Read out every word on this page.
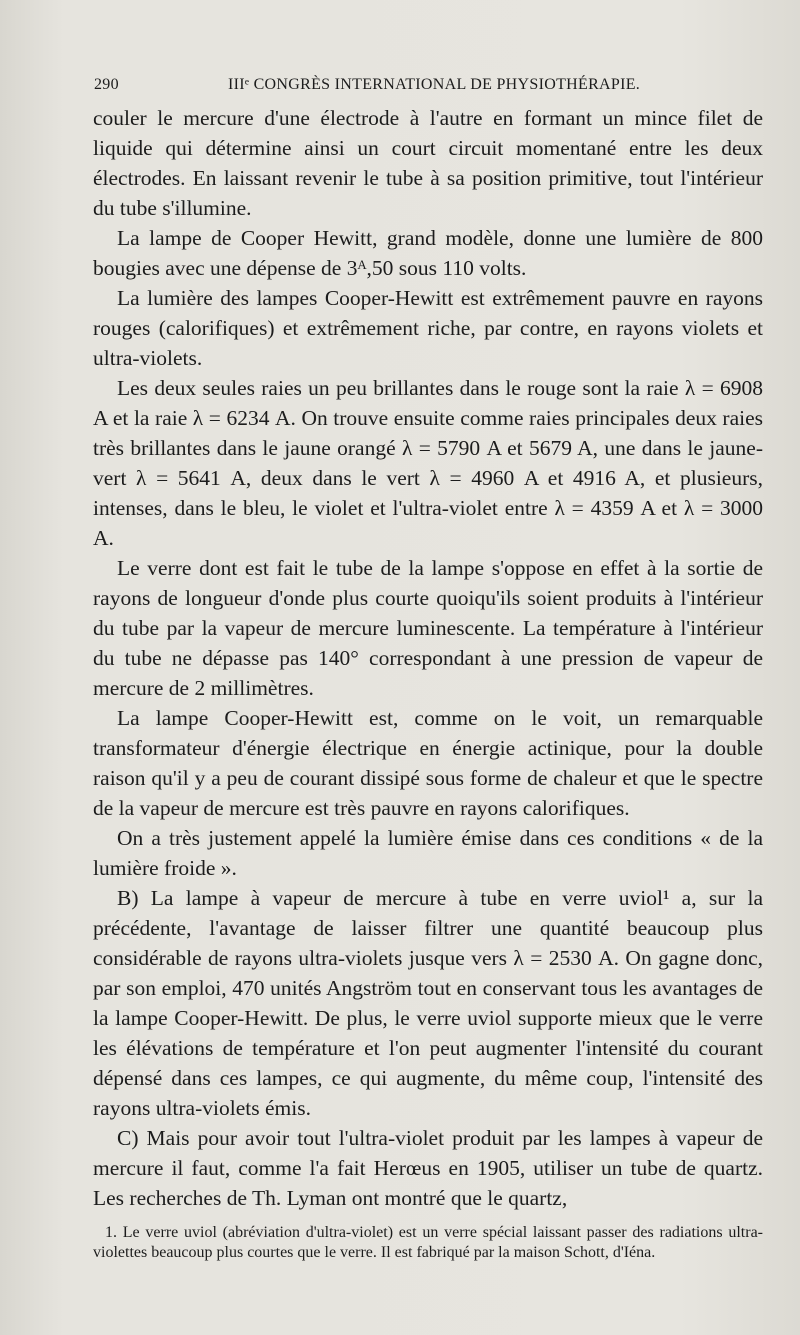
290	IIIᵉ CONGRÈS INTERNATIONAL DE PHYSIOTHÉRAPIE.

couler le mercure d'une électrode à l'autre en formant un mince filet de liquide qui détermine ainsi un court circuit momentané entre les deux électrodes. En laissant revenir le tube à sa position primitive, tout l'intérieur du tube s'illumine.

La lampe de Cooper Hewitt, grand modèle, donne une lumière de 800 bougies avec une dépense de 3ᴬ,50 sous 110 volts.

La lumière des lampes Cooper-Hewitt est extrêmement pauvre en rayons rouges (calorifiques) et extrêmement riche, par contre, en rayons violets et ultra-violets.

Les deux seules raies un peu brillantes dans le rouge sont la raie λ = 6908 A et la raie λ = 6234 A. On trouve ensuite comme raies principales deux raies très brillantes dans le jaune orangé λ = 5790 A et 5679 A, une dans le jaune-vert λ = 5641 A, deux dans le vert λ = 4960 A et 4916 A, et plusieurs, intenses, dans le bleu, le violet et l'ultra-violet entre λ = 4359 A et λ = 3000 A.

Le verre dont est fait le tube de la lampe s'oppose en effet à la sortie de rayons de longueur d'onde plus courte quoiqu'ils soient produits à l'intérieur du tube par la vapeur de mercure luminescente. La température à l'intérieur du tube ne dépasse pas 140° correspondant à une pression de vapeur de mercure de 2 millimètres.

La lampe Cooper-Hewitt est, comme on le voit, un remarquable transformateur d'énergie électrique en énergie actinique, pour la double raison qu'il y a peu de courant dissipé sous forme de chaleur et que le spectre de la vapeur de mercure est très pauvre en rayons calorifiques.

On a très justement appelé la lumière émise dans ces conditions « de la lumière froide ».

B) La lampe à vapeur de mercure à tube en verre uviol¹ a, sur la précédente, l'avantage de laisser filtrer une quantité beaucoup plus considérable de rayons ultra-violets jusque vers λ = 2530 A. On gagne donc, par son emploi, 470 unités Angström tout en conservant tous les avantages de la lampe Cooper-Hewitt. De plus, le verre uviol supporte mieux que le verre les élévations de température et l'on peut augmenter l'intensité du courant dépensé dans ces lampes, ce qui augmente, du même coup, l'intensité des rayons ultra-violets émis.

C) Mais pour avoir tout l'ultra-violet produit par les lampes à vapeur de mercure il faut, comme l'a fait Herœus en 1905, utiliser un tube de quartz. Les recherches de Th. Lyman ont montré que le quartz,

1. Le verre uviol (abréviation d'ultra-violet) est un verre spécial laissant passer des radiations ultra-violettes beaucoup plus courtes que le verre. Il est fabriqué par la maison Schott, d'Iéna.
